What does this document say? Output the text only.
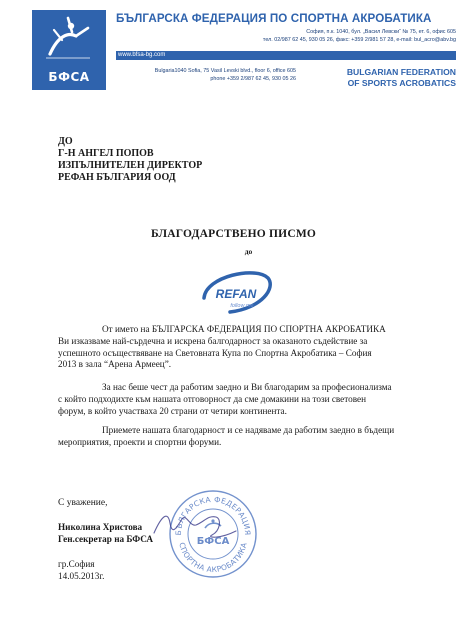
БФСА
БЪЛГАРСКА ФЕДЕРАЦИЯ ПО СПОРТНА АКРОБАТИКА
София, п.к. 1040, бул. „Васил Левски“ № 75, ет. 6, офис 605
тел. 02/987 62 45, 930 05 26, факс: +359 2/981 57 28, e-mail: bul_acro@abv.bg
www.bfsa-bg.com
Bulgaria1040 Sofia, 75 Vasil Levski blvd., floor 6, office 605
phone +359 2/987 62 45, 930 05 26
BULGARIAN FEDERATION
OF SPORTS ACROBATICS
ДО
Г-Н АНГЕЛ ПОПОВ
ИЗПЪЛНИТЕЛЕН ДИРЕКТОР
РЕФАН БЪЛГАРИЯ ООД
БЛАГОДАРСТВЕНО ПИСМО
до
REFAN
follow me
От името на БЪЛГАРСКА ФЕДЕРАЦИЯ ПО СПОРТНА АКРОБАТИКА
Ви изказваме най-сърдечна и искрена балгодарност за оказаното съдействие за
успешното осъществяване на Световната Купа по Спортна Акробатика – София
2013 в зала “Арена Армеец”.
За нас беше чест да работим заедно и Ви благодарим за професионализма
с който подходихте към нашата отговорност да сме домакини на този световен
форум, в който участваха 20 страни от четири континента.
Приемете нашата благодарност и се надяваме да работим заедно в бъдещи
мероприятия, проекти и спортни форуми.
С уважение,
Николина Христова
Ген.секретар на БФСА
гр.София
14.05.2013г.
БЪЛГАРСКА ФЕДЕРАЦИЯ
СПОРТНА АКРОБАТИКА
БФСА
